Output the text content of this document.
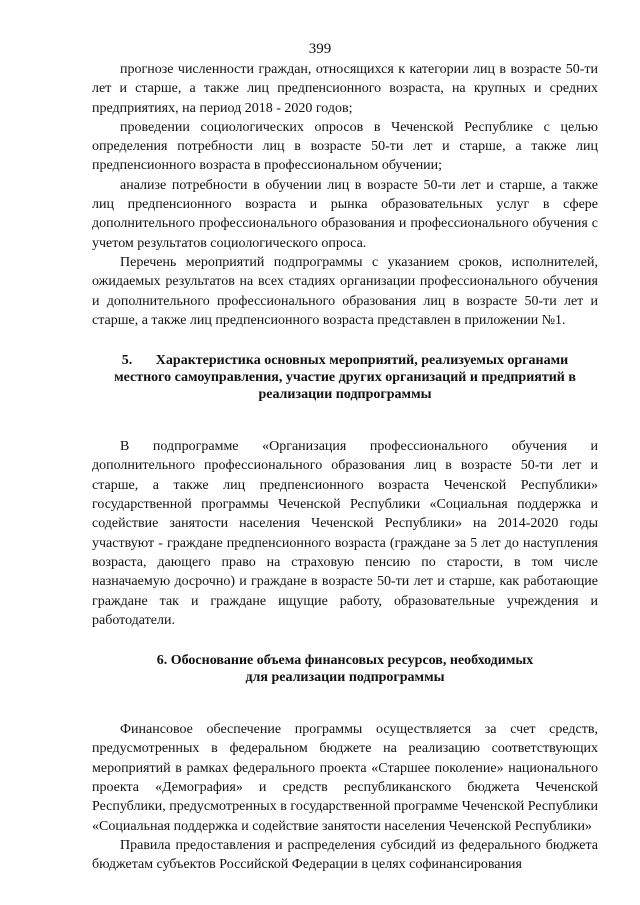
399

прогнозе численности граждан, относящихся к категории лиц в возрасте 50-ти лет и старше, а также лиц предпенсионного возраста, на крупных и средних предприятиях, на период 2018 - 2020 годов;

проведении социологических опросов в Чеченской Республике с целью определения потребности лиц в возрасте 50-ти лет и старше, а также лиц предпенсионного возраста в профессиональном обучении;

анализе потребности в обучении лиц в возрасте 50-ти лет и старше, а также лиц предпенсионного возраста и рынка образовательных услуг в сфере дополнительного профессионального образования и профессионального обучения с учетом результатов социологического опроса.

Перечень мероприятий подпрограммы с указанием сроков, исполнителей, ожидаемых результатов на всех стадиях организации профессионального обучения и дополнительного профессионального образования лиц в возрасте 50-ти лет и старше, а также лиц предпенсионного возраста представлен в приложении №1.

5. Характеристика основных мероприятий, реализуемых органами
местного самоуправления, участие других организаций и предприятий в
реализации подпрограммы

В подпрограмме «Организация профессионального обучения и дополнительного профессионального образования лиц в возрасте 50-ти лет и старше, а также лиц предпенсионного возраста Чеченской Республики» государственной программы Чеченской Республики «Социальная поддержка и содействие занятости населения Чеченской Республики» на 2014-2020 годы участвуют - граждане предпенсионного возраста (граждане за 5 лет до наступления возраста, дающего право на страховую пенсию по старости, в том числе назначаемую досрочно) и граждане в возрасте 50-ти лет и старше, как работающие граждане так и граждане ищущие работу, образовательные учреждения и работодатели.

6. Обоснование объема финансовых ресурсов, необходимых
для реализации подпрограммы

Финансовое обеспечение программы осуществляется за счет средств, предусмотренных в федеральном бюджете на реализацию соответствующих мероприятий в рамках федерального проекта «Старшее поколение» национального проекта «Демография» и средств республиканского бюджета Чеченской Республики, предусмотренных в государственной программе Чеченской Республики «Социальная поддержка и содействие занятости населения Чеченской Республики»

Правила предоставления и распределения субсидий из федерального бюджета бюджетам субъектов Российской Федерации в целях софинансирования
